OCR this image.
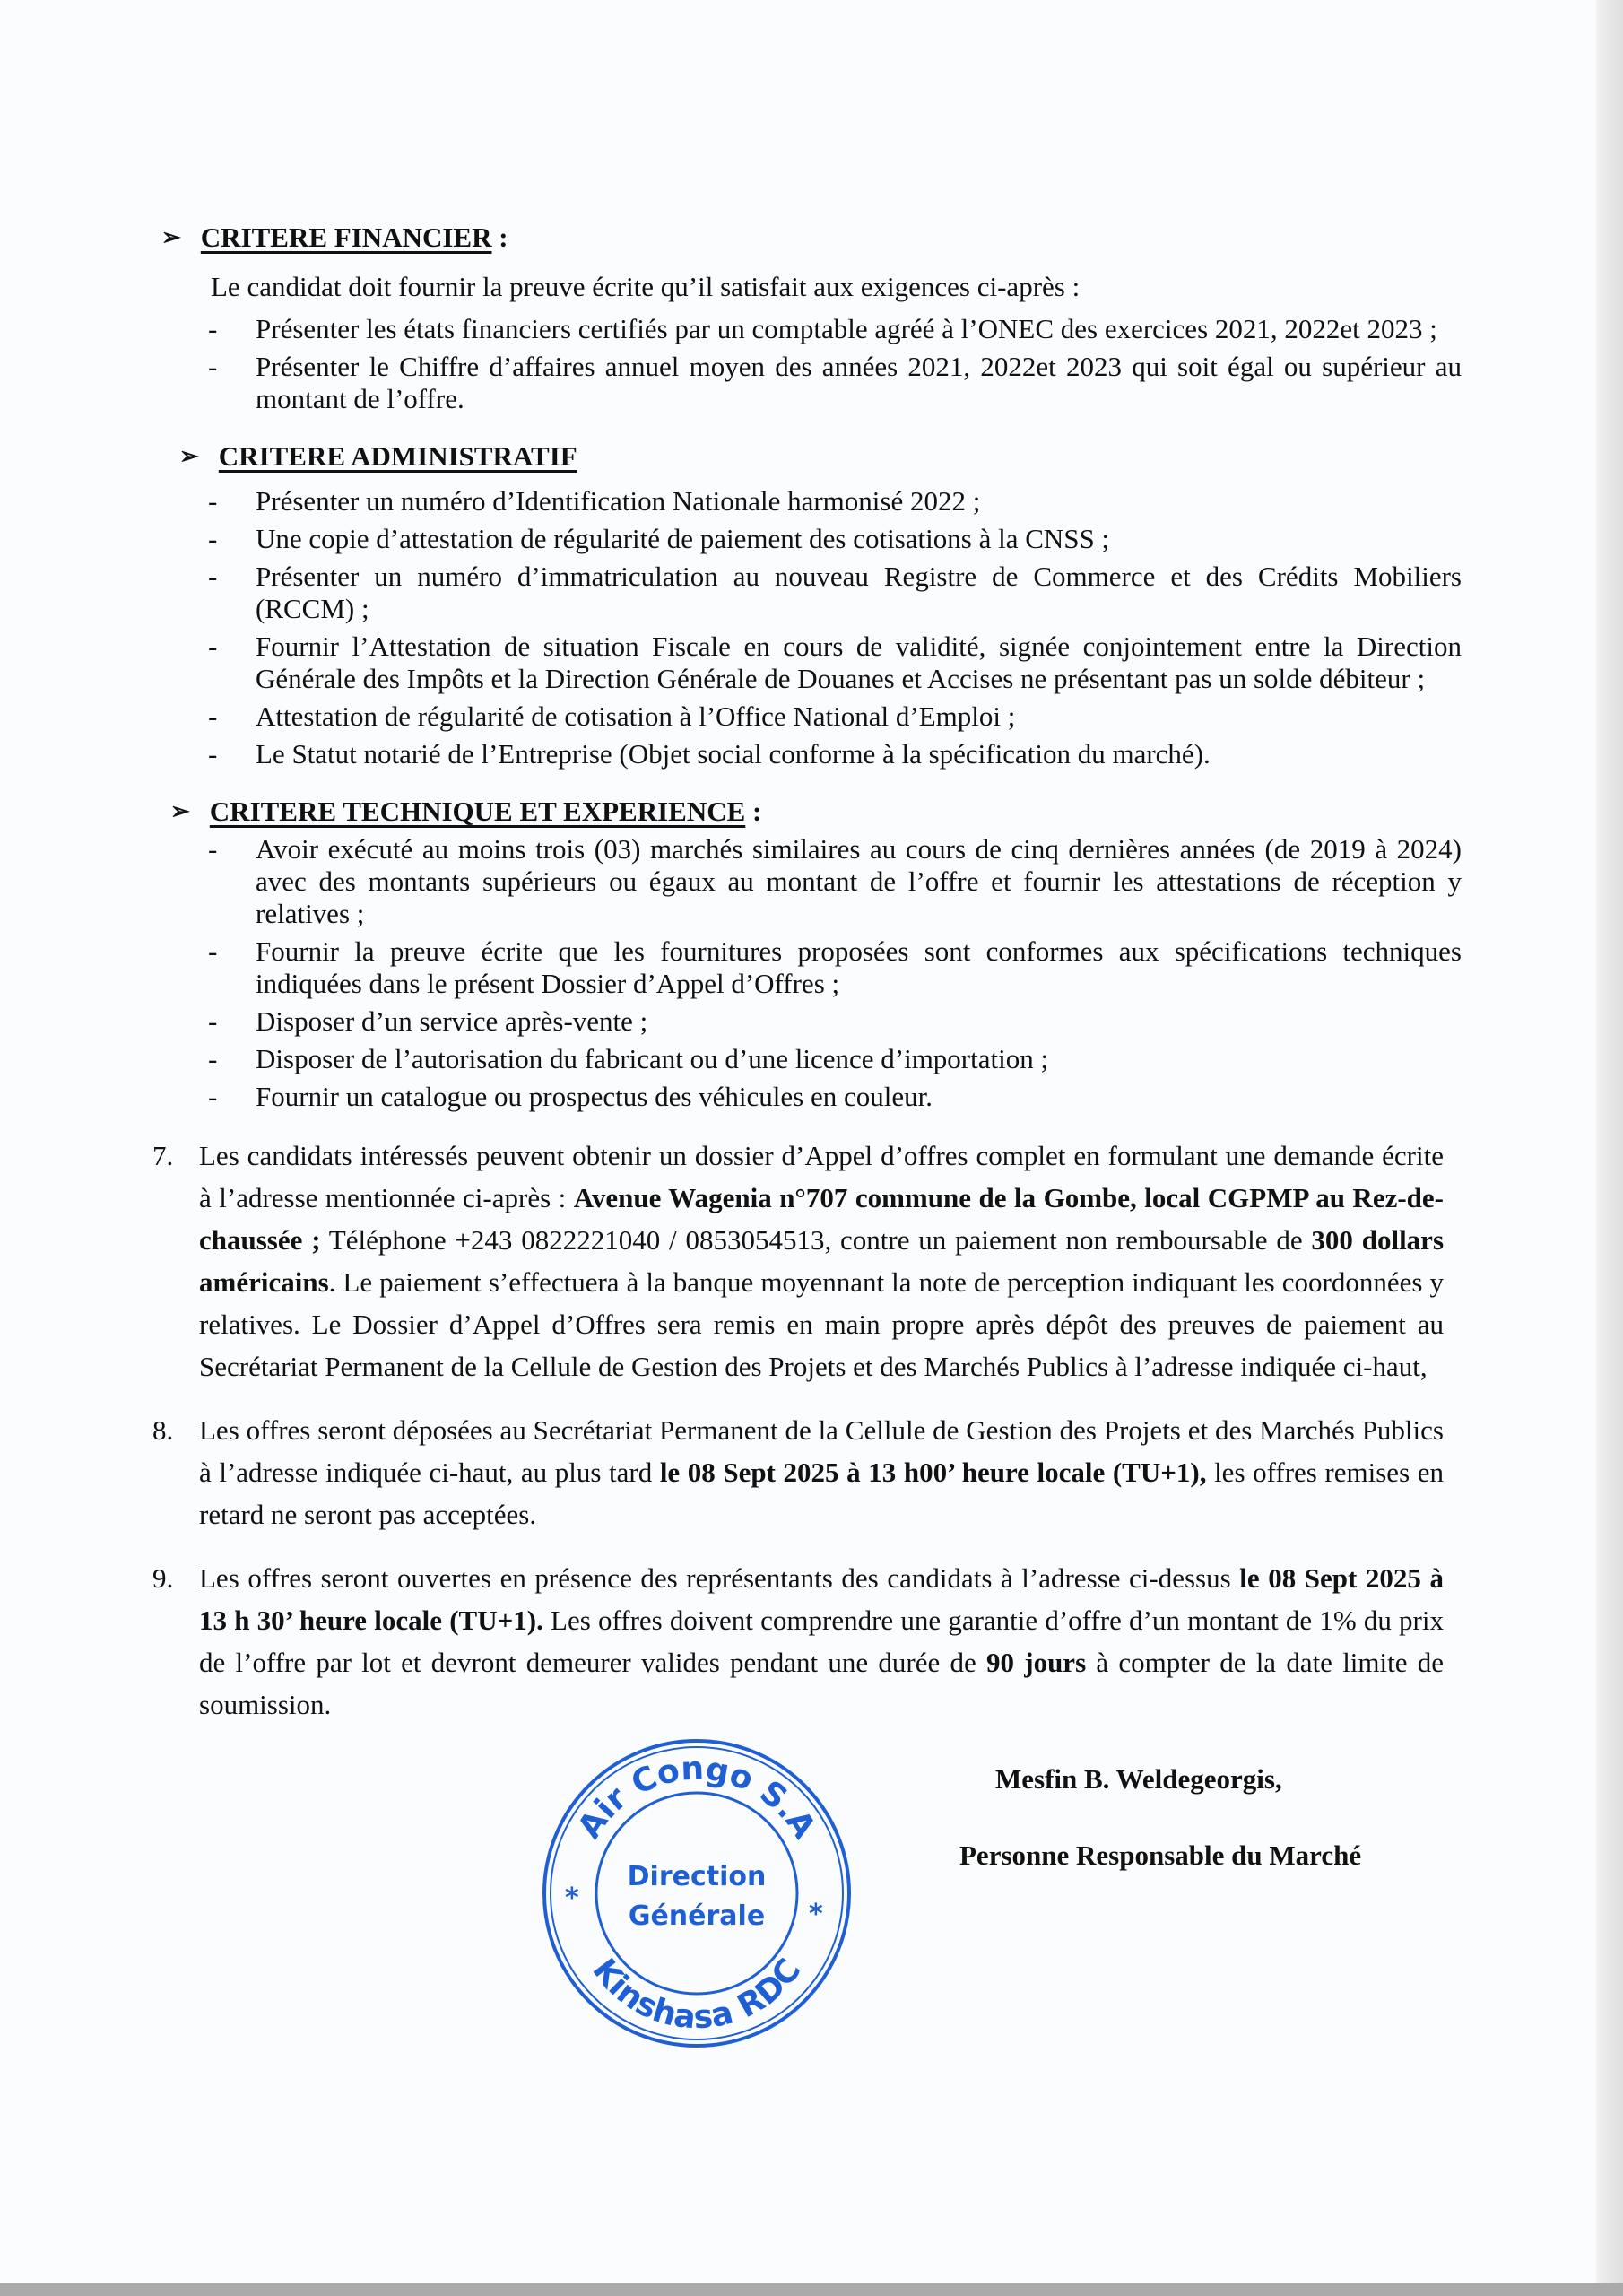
➢ CRITERE FINANCIER :
Le candidat doit fournir la preuve écrite qu’il satisfait aux exigences ci-après :
- Présenter les états financiers certifiés par un comptable agréé à l’ONEC des exercices 2021, 2022et 2023 ;
- Présenter le Chiffre d’affaires annuel moyen des années 2021, 2022et 2023 qui soit égal ou supérieur au montant de l’offre.
➢ CRITERE ADMINISTRATIF
- Présenter un numéro d’Identification Nationale harmonisé 2022 ;
- Une copie d’attestation de régularité de paiement des cotisations à la CNSS ;
- Présenter un numéro d’immatriculation au nouveau Registre de Commerce et des Crédits Mobiliers (RCCM) ;
- Fournir l’Attestation de situation Fiscale en cours de validité, signée conjointement entre la Direction Générale des Impôts et la Direction Générale de Douanes et Accises ne présentant pas un solde débiteur ;
- Attestation de régularité de cotisation à l’Office National d’Emploi ;
- Le Statut notarié de l’Entreprise (Objet social conforme à la spécification du marché).
➢ CRITERE TECHNIQUE ET EXPERIENCE :
- Avoir exécuté au moins trois (03) marchés similaires au cours de cinq dernières années (de 2019 à 2024) avec des montants supérieurs ou égaux au montant de l’offre et fournir les attestations de réception y relatives ;
- Fournir la preuve écrite que les fournitures proposées sont conformes aux spécifications techniques indiquées dans le présent Dossier d’Appel d’Offres ;
- Disposer d’un service après-vente ;
- Disposer de l’autorisation du fabricant ou d’une licence d’importation ;
- Fournir un catalogue ou prospectus des véhicules en couleur.
7. Les candidats intéressés peuvent obtenir un dossier d’Appel d’offres complet en formulant une demande écrite à l’adresse mentionnée ci-après : Avenue Wagenia n°707 commune de la Gombe, local CGPMP au Rez-de-chaussée ; Téléphone +243 0822221040 / 0853054513, contre un paiement non remboursable de 300 dollars américains. Le paiement s’effectuera à la banque moyennant la note de perception indiquant les coordonnées y relatives. Le Dossier d’Appel d’Offres sera remis en main propre après dépôt des preuves de paiement au Secrétariat Permanent de la Cellule de Gestion des Projets et des Marchés Publics à l’adresse indiquée ci-haut,
8. Les offres seront déposées au Secrétariat Permanent de la Cellule de Gestion des Projets et des Marchés Publics à l’adresse indiquée ci-haut, au plus tard le 08 Sept 2025 à 13 h00’ heure locale (TU+1), les offres remises en retard ne seront pas acceptées.
9. Les offres seront ouvertes en présence des représentants des candidats à l’adresse ci-dessus le 08 Sept 2025 à 13 h 30’ heure locale (TU+1). Les offres doivent comprendre une garantie d’offre d’un montant de 1% du prix de l’offre par lot et devront demeurer valides pendant une durée de 90 jours à compter de la date limite de soumission.
Air Congo S.A
Kinshasa RDC
Direction
Générale
*
*
Mesfin B. Weldegeorgis,
Personne Responsable du Marché
